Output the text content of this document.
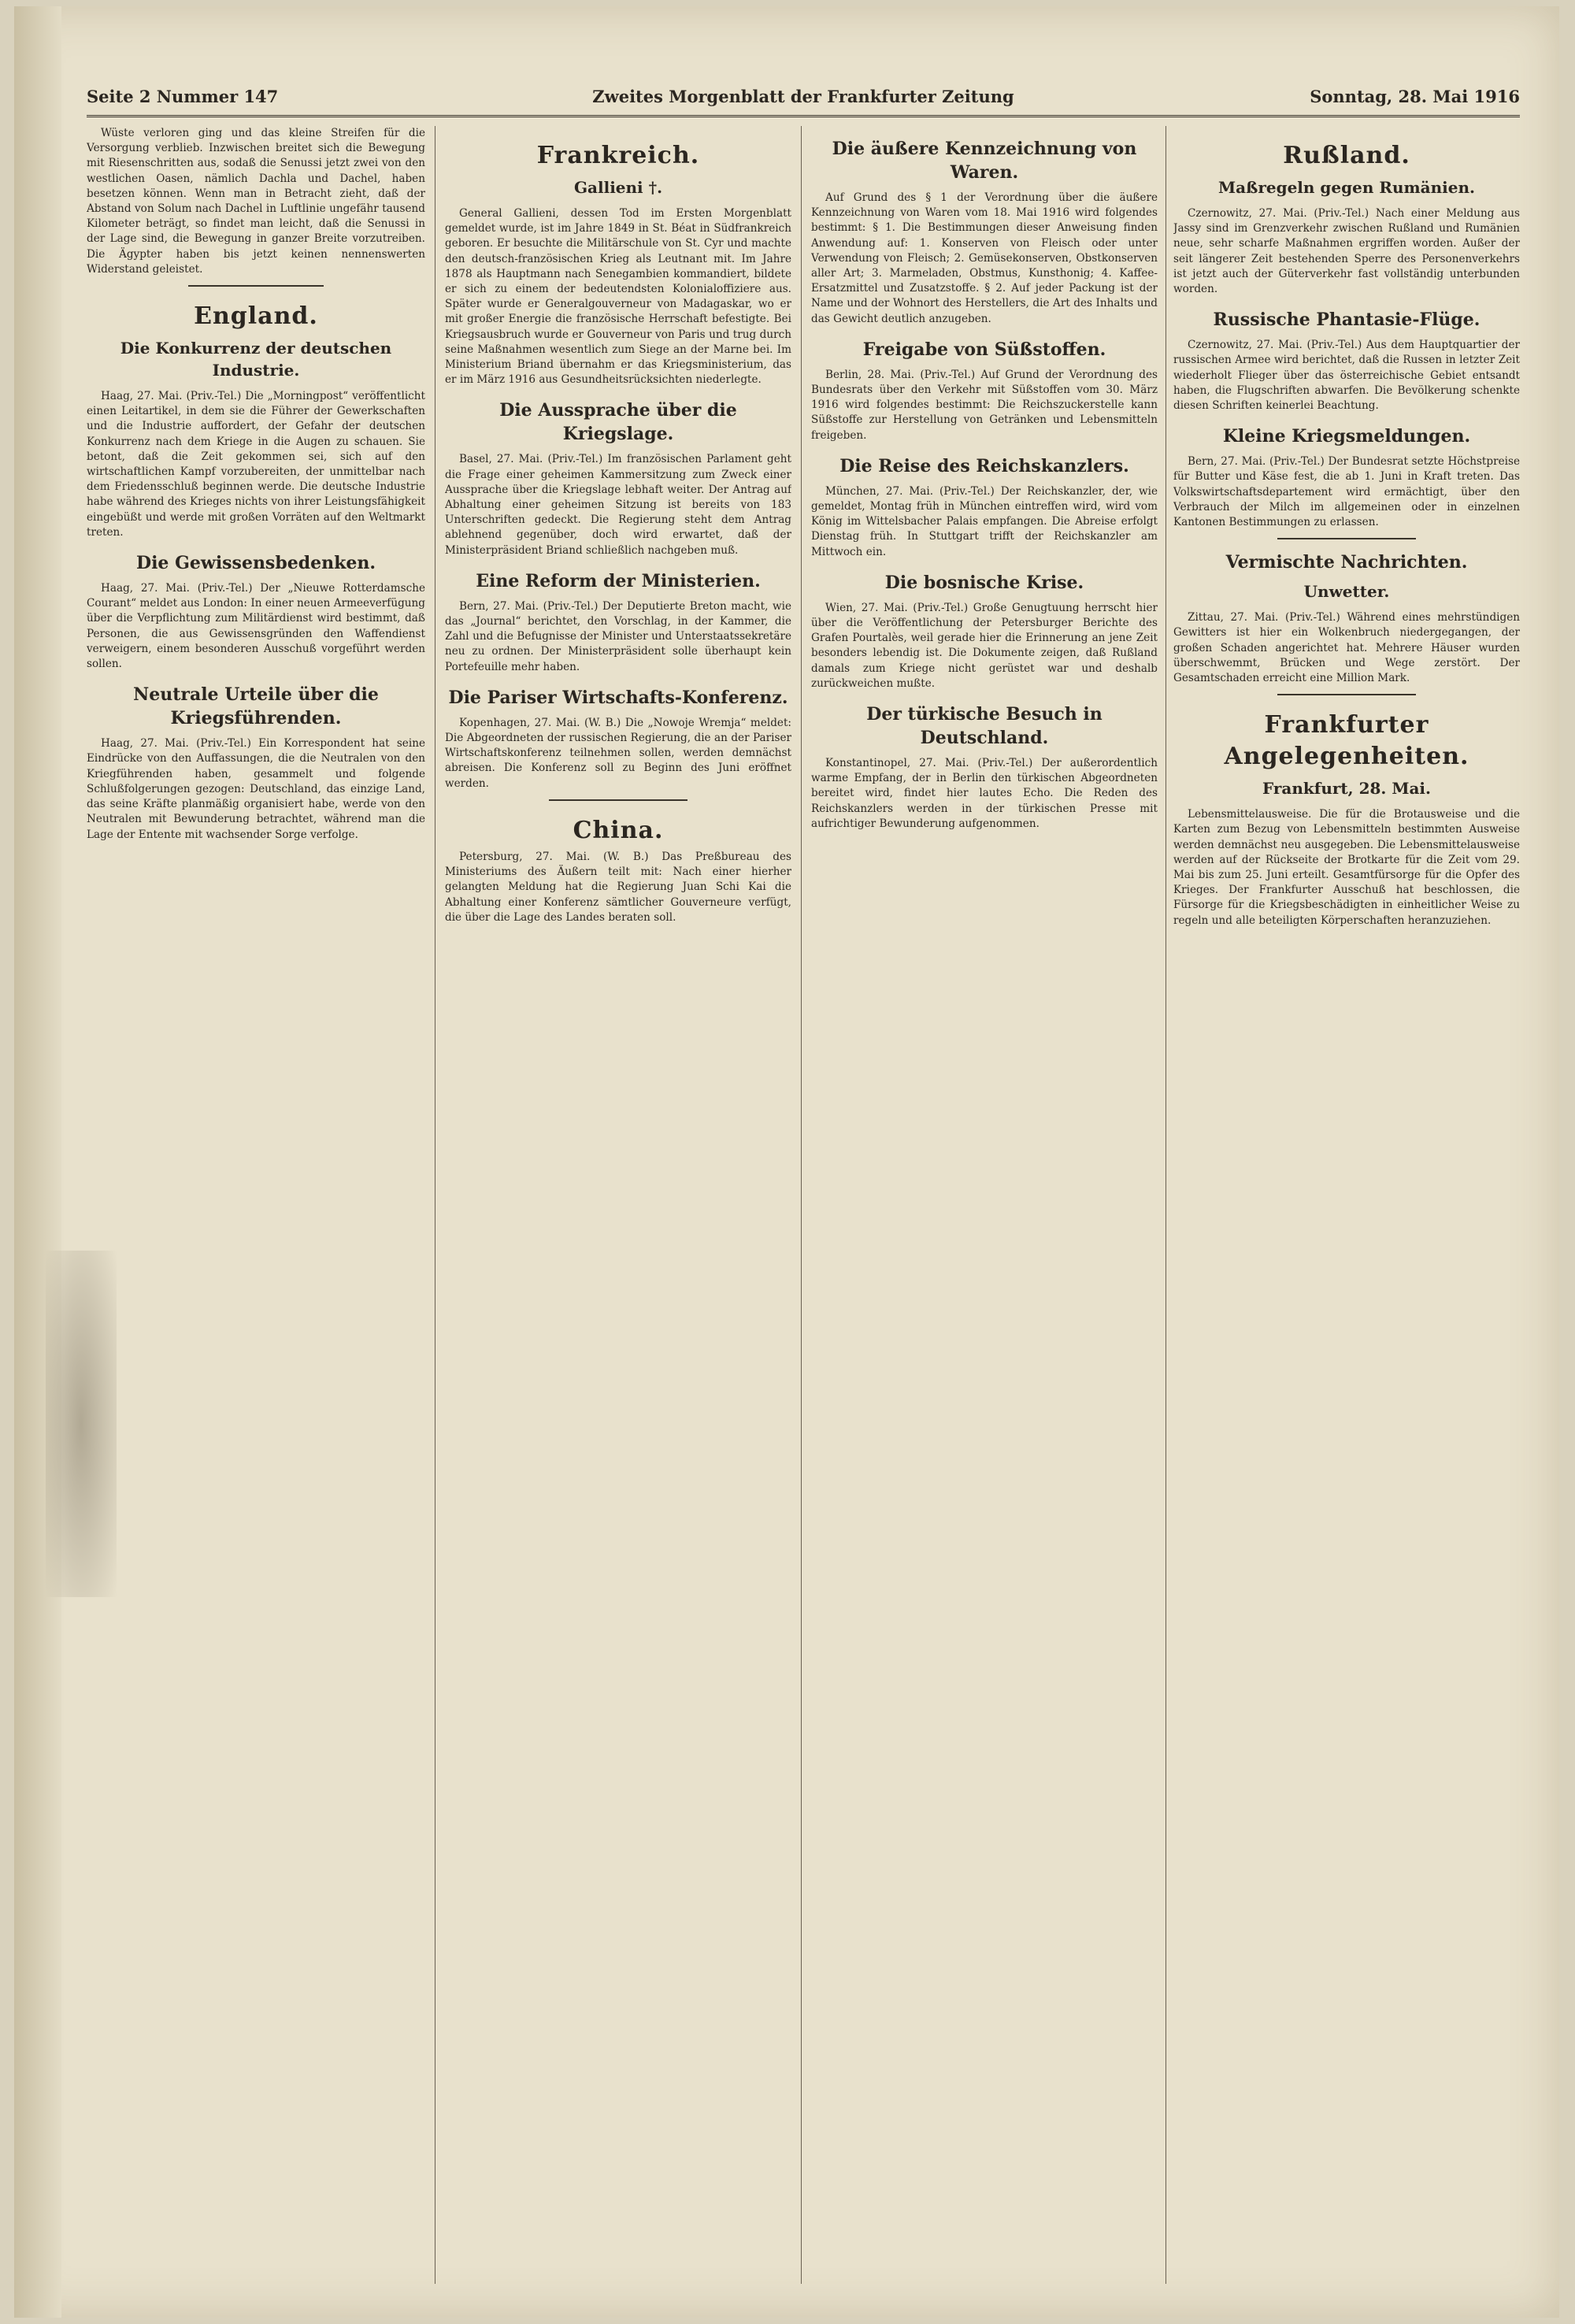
Seite 2 Nummer 147	Zweites Morgenblatt der Frankfurter Zeitung	Sonntag, 28. Mai 1916

Wüste verloren ging und das kleine Streifen für die Versorgung verblieb. Inzwischen breitet sich die Bewegung mit Riesenschritten aus, sodaß die Senussi jetzt zwei von den westlichen Oasen, nämlich Dachla und Dachel, haben besetzen können. Wenn man in Betracht zieht, daß der Abstand von Solum nach Dachel in Luftlinie ungefähr tausend Kilometer beträgt, so findet man leicht, daß die Senussi in der Lage sind, die Bewegung in ganzer Breite vorzutreiben. Die Ägypter haben bis jetzt keinen nennenswerten Widerstand geleistet.

England.
Die Konkurrenz der deutschen Industrie.

Haag, 27. Mai. (Priv.-Tel.) Die „Morningpost“ veröffentlicht einen Leitartikel, in dem sie die Führer der Gewerkschaften und die Industrie auffordert, der Gefahr der deutschen Konkurrenz nach dem Kriege in die Augen zu schauen. Sie betont, daß die Zeit gekommen sei, sich auf den wirtschaftlichen Kampf vorzubereiten, der unmittelbar nach dem Friedensschluß beginnen werde. Die deutsche Industrie habe während des Krieges nichts von ihrer Leistungsfähigkeit eingebüßt und werde mit großen Vorräten auf den Weltmarkt treten.

Die Gewissensbedenken.

Haag, 27. Mai. (Priv.-Tel.) Der „Nieuwe Rotterdamsche Courant“ meldet aus London: In einer neuen Armeeverfügung über die Verpflichtung zum Militärdienst wird bestimmt, daß Personen, die aus Gewissensgründen den Waffendienst verweigern, einem besonderen Ausschuß vorgeführt werden sollen.

Neutrale Urteile über die Kriegsführenden.

Haag, 27. Mai. (Priv.-Tel.) Ein Korrespondent hat seine Eindrücke von den Auffassungen, die die Neutralen von den Kriegführenden haben, gesammelt und folgende Schlußfolgerungen gezogen: Deutschland, das einzige Land, das seine Kräfte planmäßig organisiert habe, werde von den Neutralen mit Bewunderung betrachtet, während man die Lage der Entente mit wachsender Sorge verfolge.

Frankreich.
Gallieni †.

General Gallieni, dessen Tod im Ersten Morgenblatt gemeldet wurde, ist im Jahre 1849 in St. Béat in Südfrankreich geboren. Er besuchte die Militärschule von St. Cyr und machte den deutsch-französischen Krieg als Leutnant mit. Im Jahre 1878 als Hauptmann nach Senegambien kommandiert, bildete er sich zu einem der bedeutendsten Kolonialoffiziere aus. Später wurde er Generalgouverneur von Madagaskar, wo er mit großer Energie die französische Herrschaft befestigte. Bei Kriegsausbruch wurde er Gouverneur von Paris und trug durch seine Maßnahmen wesentlich zum Siege an der Marne bei. Im Ministerium Briand übernahm er das Kriegsministerium, das er im März 1916 aus Gesundheitsrücksichten niederlegte.

Die Aussprache über die Kriegslage.

Basel, 27. Mai. (Priv.-Tel.) Im französischen Parlament geht die Frage einer geheimen Kammersitzung zum Zweck einer Aussprache über die Kriegslage lebhaft weiter. Der Antrag auf Abhaltung einer geheimen Sitzung ist bereits von 183 Unterschriften gedeckt. Die Regierung steht dem Antrag ablehnend gegenüber, doch wird erwartet, daß der Ministerpräsident Briand schließlich nachgeben muß.

Eine Reform der Ministerien.

Bern, 27. Mai. (Priv.-Tel.) Der Deputierte Breton macht, wie das „Journal“ berichtet, den Vorschlag, in der Kammer, die Zahl und die Befugnisse der Minister und Unterstaatssekretäre neu zu ordnen. Der Ministerpräsident solle überhaupt kein Portefeuille mehr haben.

Die Pariser Wirtschafts-Konferenz.

Kopenhagen, 27. Mai. (W. B.) Die „Nowoje Wremja“ meldet: Die Abgeordneten der russischen Regierung, die an der Pariser Wirtschaftskonferenz teilnehmen sollen, werden demnächst abreisen. Die Konferenz soll zu Beginn des Juni eröffnet werden.

China.

Petersburg, 27. Mai. (W. B.) Das Preßbureau des Ministeriums des Äußern teilt mit: Nach einer hierher gelangten Meldung hat die Regierung Juan Schi Kai die Abhaltung einer Konferenz sämtlicher Gouverneure verfügt, die über die Lage des Landes beraten soll.

Die äußere Kennzeichnung von Waren.

Auf Grund des § 1 der Verordnung über die äußere Kennzeichnung von Waren vom 18. Mai 1916 wird folgendes bestimmt: § 1. Die Bestimmungen dieser Anweisung finden Anwendung auf: 1. Konserven von Fleisch oder unter Verwendung von Fleisch; 2. Gemüsekonserven, Obstkonserven aller Art; 3. Marmeladen, Obstmus, Kunsthonig; 4. Kaffee-Ersatzmittel und Zusatzstoffe. § 2. Auf jeder Packung ist der Name und der Wohnort des Herstellers, die Art des Inhalts und das Gewicht deutlich anzugeben.

Freigabe von Süßstoffen.

Berlin, 28. Mai. (Priv.-Tel.) Auf Grund der Verordnung des Bundesrats über den Verkehr mit Süßstoffen vom 30. März 1916 wird folgendes bestimmt: Die Reichszuckerstelle kann Süßstoffe zur Herstellung von Getränken und Lebensmitteln freigeben.

Die Reise des Reichskanzlers.

München, 27. Mai. (Priv.-Tel.) Der Reichskanzler, der, wie gemeldet, Montag früh in München eintreffen wird, wird vom König im Wittelsbacher Palais empfangen. Die Abreise erfolgt Dienstag früh. In Stuttgart trifft der Reichskanzler am Mittwoch ein.

Die bosnische Krise.

Wien, 27. Mai. (Priv.-Tel.) Große Genugtuung herrscht hier über die Veröffentlichung der Petersburger Berichte des Grafen Pourtalès, weil gerade hier die Erinnerung an jene Zeit besonders lebendig ist. Die Dokumente zeigen, daß Rußland damals zum Kriege nicht gerüstet war und deshalb zurückweichen mußte.

Der türkische Besuch in Deutschland.

Konstantinopel, 27. Mai. (Priv.-Tel.) Der außerordentlich warme Empfang, der in Berlin den türkischen Abgeordneten bereitet wird, findet hier lautes Echo. Die Reden des Reichskanzlers werden in der türkischen Presse mit aufrichtiger Bewunderung aufgenommen.

Rußland.
Maßregeln gegen Rumänien.

Czernowitz, 27. Mai. (Priv.-Tel.) Nach einer Meldung aus Jassy sind im Grenzverkehr zwischen Rußland und Rumänien neue, sehr scharfe Maßnahmen ergriffen worden. Außer der seit längerer Zeit bestehenden Sperre des Personenverkehrs ist jetzt auch der Güterverkehr fast vollständig unterbunden worden.

Russische Phantasie-Flüge.

Czernowitz, 27. Mai. (Priv.-Tel.) Aus dem Hauptquartier der russischen Armee wird berichtet, daß die Russen in letzter Zeit wiederholt Flieger über das österreichische Gebiet entsandt haben, die Flugschriften abwarfen. Die Bevölkerung schenkte diesen Schriften keinerlei Beachtung.

Kleine Kriegsmeldungen.

Bern, 27. Mai. (Priv.-Tel.) Der Bundesrat setzte Höchstpreise für Butter und Käse fest, die ab 1. Juni in Kraft treten. Das Volkswirtschaftsdepartement wird ermächtigt, über den Verbrauch der Milch im allgemeinen oder in einzelnen Kantonen Bestimmungen zu erlassen.

Vermischte Nachrichten.
Unwetter.

Zittau, 27. Mai. (Priv.-Tel.) Während eines mehrstündigen Gewitters ist hier ein Wolkenbruch niedergegangen, der großen Schaden angerichtet hat. Mehrere Häuser wurden überschwemmt, Brücken und Wege zerstört. Der Gesamtschaden erreicht eine Million Mark.

Frankfurter Angelegenheiten.
Frankfurt, 28. Mai.

Lebensmittelausweise. Die für die Brotausweise und die Karten zum Bezug von Lebensmitteln bestimmten Ausweise werden demnächst neu ausgegeben. Die Lebensmittelausweise werden auf der Rückseite der Brotkarte für die Zeit vom 29. Mai bis zum 25. Juni erteilt. Gesamtfürsorge für die Opfer des Krieges. Der Frankfurter Ausschuß hat beschlossen, die Fürsorge für die Kriegsbeschädigten in einheitlicher Weise zu regeln und alle beteiligten Körperschaften heranzuziehen.
